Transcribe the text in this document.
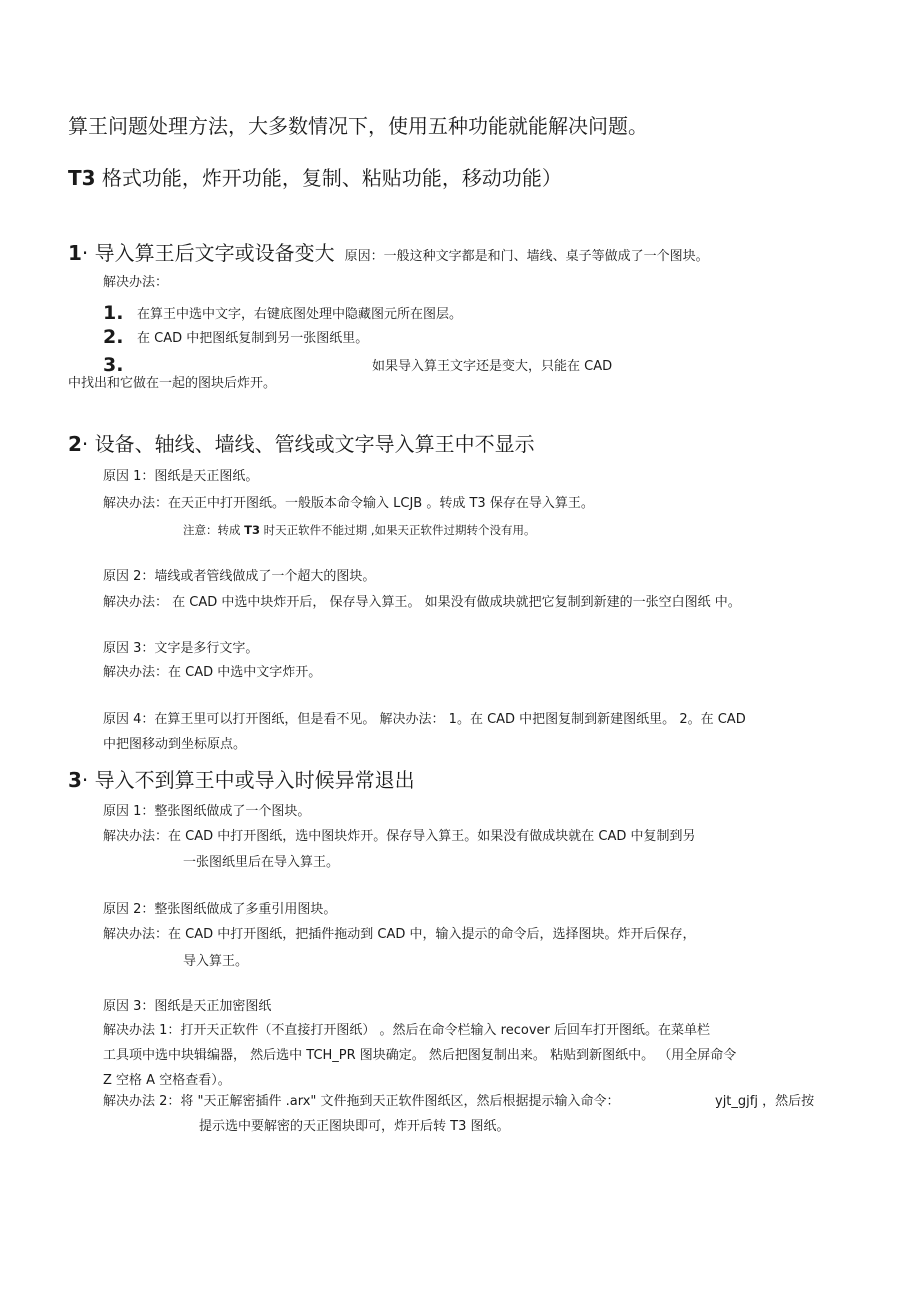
算王问题处理方法，大多数情况下，使用五种功能就能解决问题。
T3 格式功能，炸开功能，复制、粘贴功能，移动功能）
1· 导入算王后文字或设备变大 原因：一般这种文字都是和门、墙线、桌子等做成了一个图块。
解决办法：
1. 在算王中选中文字，右键底图处理中隐藏图元所在图层。
2. 在 CAD 中把图纸复制到另一张图纸里。
3.	如果导入算王文字还是变大，只能在 CAD
中找出和它做在一起的图块后炸开。
2· 设备、轴线、墙线、管线或文字导入算王中不显示
原因 1：图纸是天正图纸。
解决办法：在天正中打开图纸。一般版本命令输入 LCJB 。转成 T3 保存在导入算王。
注意：转成 T3 时天正软件不能过期 ,如果天正软件过期转个没有用。
原因 2：墙线或者管线做成了一个超大的图块。
解决办法： 在 CAD 中选中块炸开后， 保存导入算王。 如果没有做成块就把它复制到新建的一张空白图纸 中。
原因 3：文字是多行文字。
解决办法：在 CAD 中选中文字炸开。
原因 4：在算王里可以打开图纸，但是看不见。 解决办法： 1。在 CAD 中把图复制到新建图纸里。 2。在 CAD
中把图移动到坐标原点。
3· 导入不到算王中或导入时候异常退出
原因 1：整张图纸做成了一个图块。
解决办法：在 CAD 中打开图纸，选中图块炸开。保存导入算王。如果没有做成块就在 CAD 中复制到另
一张图纸里后在导入算王。
原因 2：整张图纸做成了多重引用图块。
解决办法：在 CAD 中打开图纸，把插件拖动到 CAD 中，输入提示的命令后，选择图块。炸开后保存，
导入算王。
原因 3：图纸是天正加密图纸
解决办法 1：打开天正软件（不直接打开图纸） 。然后在命令栏输入 recover 后回车打开图纸。在菜单栏
工具项中选中块辑编器， 然后选中 TCH_PR 图块确定。 然后把图复制出来。 粘贴到新图纸中。 （用全屏命令
Z 空格 A 空格查看）。
解决办法 2：将 "天正解密插件 .arx" 文件拖到天正软件图纸区，然后根据提示输入命令：	yjt_gjfj ，然后按
提示选中要解密的天正图块即可，炸开后转 T3 图纸。
